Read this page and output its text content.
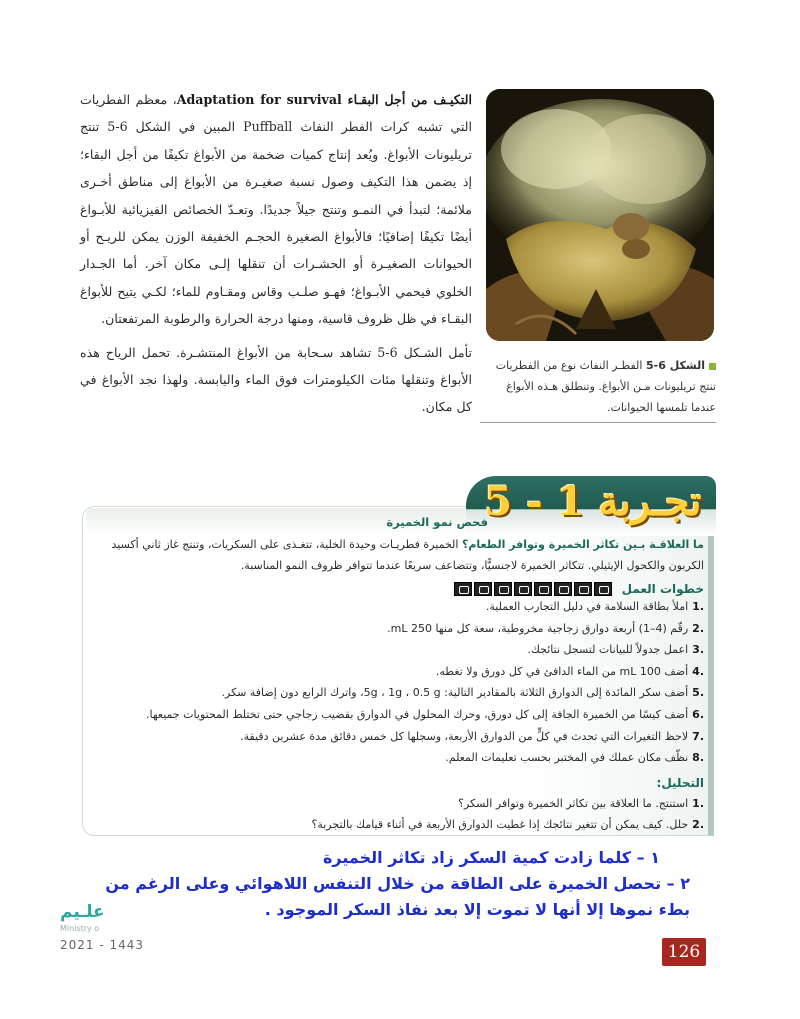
التكيـف من أجل البقـاء Adaptation for survival، معظم الفطريات التي تشبه كرات الفطر النفاث Puffball المبين في الشكل 6-5 تنتج تريليونات الأبواغ. ويُعد إنتاج كميات ضخمة من الأبواغ تكيفًا من أجل البقاء؛ إذ يضمن هذا التكيف وصول نسبة صغيـرة من الأبواغ إلى مناطق أخـرى ملائمة؛ لتبدأ في النمـو وتنتج جيلاً جديدًا. وتعـدّ الخصائص الفيزيائية للأبـواغ أيضًا تكيفًا إضافيًا؛ فالأبواغ الصغيرة الحجـم الخفيفة الوزن يمكن للريـح أو الحيوانات الصغيـرة أو الحشـرات أن تنقلها إلـى مكان آخر. أما الجـدار الخلوي فيحمي الأبـواغ؛ فهـو صلـب وقاس ومقـاوم للماء؛ لكـي يتيح للأبواغ البقـاء في ظل ظروف قاسية، ومنها درجة الحرارة والرطوبة المرتفعتان.

تأمل الشـكل 6-5 تشاهد سـحابة من الأبواغ المنتشـرة. تحمل الرياح هذه الأبواغ وتنقلها مئات الكيلومترات فوق الماء واليابسة. ولهذا نجد الأبواغ في كل مكان.

الشكل 6-5 الفطـر النفاث نوع من الفطريات تنتج تريليونات مـن الأبواغ. وتنطلق هـذه الأبواغ عندما تلمسها الحيوانات.
تجـربة 1 - 5
فحص نمو الخميرة
ما العلاقـة بـين تكاثر الخميرة وتوافر الطعام؟ الخميرة فطريـات وحيدة الخلية، تتغـذى على السكريات، وتنتج غاز ثاني أكسيد الكربون والكحول الإيثيلي. تتكاثر الخميرة لاجنسيًّا، وتتضاعف سريعًا عندما تتوافر ظروف النمو المناسبة.
خطوات العمل
.1املأ بطاقة السلامة في دليل التجارب العملية.
.2رقّم (4–1) أربعة دوارق زجاجية مخروطية، سعة كل منها 250 mL.
.3اعمل جدولاً للبيانات لتسجل نتائجك.
.4أضف 100 mL من الماء الدافئ في كل دورق ولا تغطه.
.5أضف سكر المائدة إلى الدوارق الثلاثة بالمقادير التالية: 5g ، 1g ، 0.5 g، واترك الرابع دون إضافة سكر.
.6أضف كيسًا من الخميرة الجافة إلى كل دورق، وحرك المحلول في الدوارق بقضيب زجاجي حتى تختلط المحتويات جميعها.
.7لاحظ التغيرات التي تحدث في كلٍّ من الدوارق الأربعة، وسجلها كل خمس دقائق مدة عشرين دقيقة.
.8نظّف مكان عملك في المختبر بحسب تعليمات المعلم.
التحليل:
.1استنتج. ما العلاقة بين تكاثر الخميرة وتوافر السكر؟
.2حلل. كيف يمكن أن تتغير نتائجك إذا غطيت الدوارق الأربعة في أثناء قيامك بالتجربة؟
١ – كلما زادت كمية السكر زاد تكاثر الخميرة
٢ – تحصل الخميرة على الطاقة من خلال التنفس اللاهوائي وعلى الرغم من بطء نموها إلا أنها لا تموت إلا بعد نفاذ السكر الموجود .
علـيم
Ministry o
2021 - 1443	126
